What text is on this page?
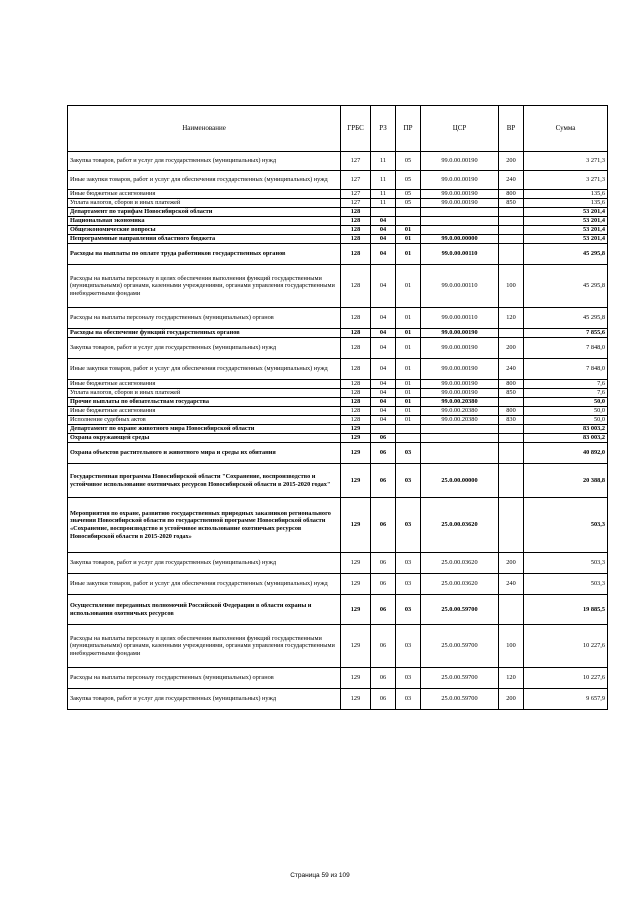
Наименование	ГРБС	РЗ	ПР	ЦСР	ВР	Сумма
Закупка товаров, работ и услуг для государственных (муниципальных) нужд	127	11	05	99.0.00.00190	200	3 271,3
Иные закупки товаров, работ и услуг для обеспечения государственных (муниципальных) нужд	127	11	05	99.0.00.00190	240	3 271,3
Иные бюджетные ассигнования	127	11	05	99.0.00.00190	800	135,6
Уплата налогов, сборов и иных платежей	127	11	05	99.0.00.00190	850	135,6
Департамент по тарифам Новосибирской области	128					53 201,4
Национальная экономика	128	04				53 201,4
Общеэкономические вопросы	128	04	01			53 201,4
Непрограммные направления областного бюджета	128	04	01	99.0.00.00000		53 201,4
Расходы на выплаты по оплате труда работников государственных органов	128	04	01	99.0.00.00110		45 295,8
Расходы на выплаты персоналу в целях обеспечения выполнения функций государственными (муниципальными) органами, казенными учреждениями, органами управления государственными внебюджетными фондами	128	04	01	99.0.00.00110	100	45 295,8
Расходы на выплаты персоналу государственных (муниципальных) органов	128	04	01	99.0.00.00110	120	45 295,8
Расходы на обеспечение функций государственных органов	128	04	01	99.0.00.00190		7 855,6
Закупка товаров, работ и услуг для государственных (муниципальных) нужд	128	04	01	99.0.00.00190	200	7 848,0
Иные закупки товаров, работ и услуг для обеспечения государственных (муниципальных) нужд	128	04	01	99.0.00.00190	240	7 848,0
Иные бюджетные ассигнования	128	04	01	99.0.00.00190	800	7,6
Уплата налогов, сборов и иных платежей	128	04	01	99.0.00.00190	850	7,6
Прочие выплаты по обязательствам государства	128	04	01	99.0.00.20380		50,0
Иные бюджетные ассигнования	128	04	01	99.0.00.20380	800	50,0
Исполнение судебных актов	128	04	01	99.0.00.20380	830	50,0
Департамент по охране животного мира Новосибирской области	129					83 003,2
Охрана окружающей среды	129	06				83 003,2
Охрана объектов растительного и животного мира и среды их обитания	129	06	03			40 892,0
Государственная программа Новосибирской области "Сохранение, воспроизводство и устойчивое использование охотничьих ресурсов Новосибирской области в 2015-2020 годах"	129	06	03	25.0.00.00000		20 388,8
Мероприятия по охране, развитию государственных природных заказников регионального значения Новосибирской области по государственной программе Новосибирской области «Сохранение, воспроизводство и устойчивое использование охотничьих ресурсов Новосибирской области в 2015-2020 годах»	129	06	03	25.0.00.03620		503,3
Закупка товаров, работ и услуг для государственных (муниципальных) нужд	129	06	03	25.0.00.03620	200	503,3
Иные закупки товаров, работ и услуг для обеспечения государственных (муниципальных) нужд	129	06	03	25.0.00.03620	240	503,3
Осуществление переданных полномочий Российской Федерации в области охраны и использования охотничьих ресурсов	129	06	03	25.0.00.59700		19 885,5
Расходы на выплаты персоналу в целях обеспечения выполнения функций государственными (муниципальными) органами, казенными учреждениями, органами управления государственными внебюджетными фондами	129	06	03	25.0.00.59700	100	10 227,6
Расходы на выплаты персоналу государственных (муниципальных) органов	129	06	03	25.0.00.59700	120	10 227,6
Закупка товаров, работ и услуг для государственных (муниципальных) нужд	129	06	03	25.0.00.59700	200	9 657,9
Страница 59 из 109
